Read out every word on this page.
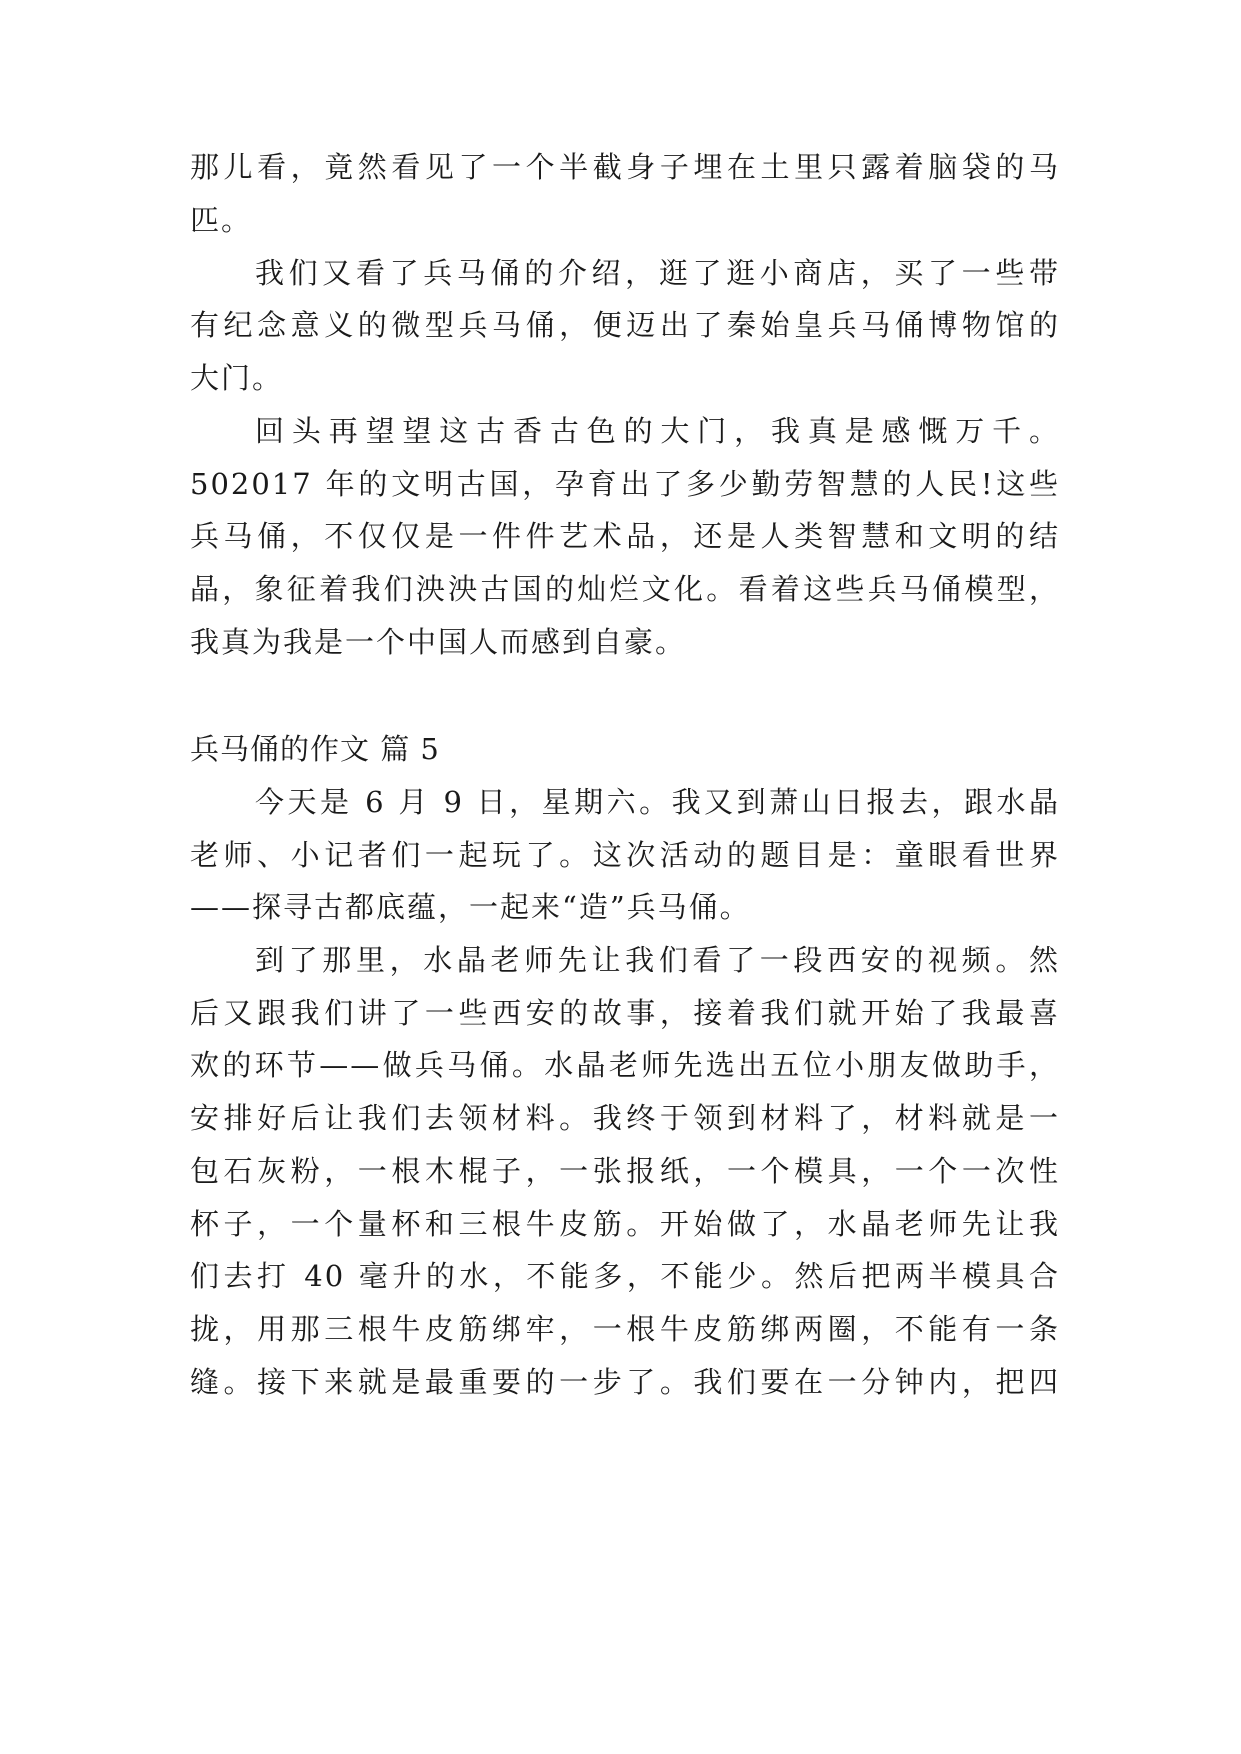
那儿看，竟然看见了一个半截身子埋在土里只露着脑袋的马
匹。
我们又看了兵马俑的介绍，逛了逛小商店，买了一些带
有纪念意义的微型兵马俑，便迈出了秦始皇兵马俑博物馆的
大门。
回头再望望这古香古色的大门，我真是感慨万千。
502017 年的文明古国，孕育出了多少勤劳智慧的人民!这些
兵马俑，不仅仅是一件件艺术品，还是人类智慧和文明的结
晶，象征着我们泱泱古国的灿烂文化。看着这些兵马俑模型，
我真为我是一个中国人而感到自豪。
兵马俑的作文 篇 5
今天是 6 月 9 日，星期六。我又到萧山日报去，跟水晶
老师、小记者们一起玩了。这次活动的题目是：童眼看世界
——探寻古都底蕴，一起来“造”兵马俑。
到了那里，水晶老师先让我们看了一段西安的视频。然
后又跟我们讲了一些西安的故事，接着我们就开始了我最喜
欢的环节——做兵马俑。水晶老师先选出五位小朋友做助手，
安排好后让我们去领材料。我终于领到材料了，材料就是一
包石灰粉，一根木棍子，一张报纸，一个模具，一个一次性
杯子，一个量杯和三根牛皮筋。开始做了，水晶老师先让我
们去打 40 毫升的水，不能多，不能少。然后把两半模具合
拢，用那三根牛皮筋绑牢，一根牛皮筋绑两圈，不能有一条
缝。接下来就是最重要的一步了。我们要在一分钟内，把四
